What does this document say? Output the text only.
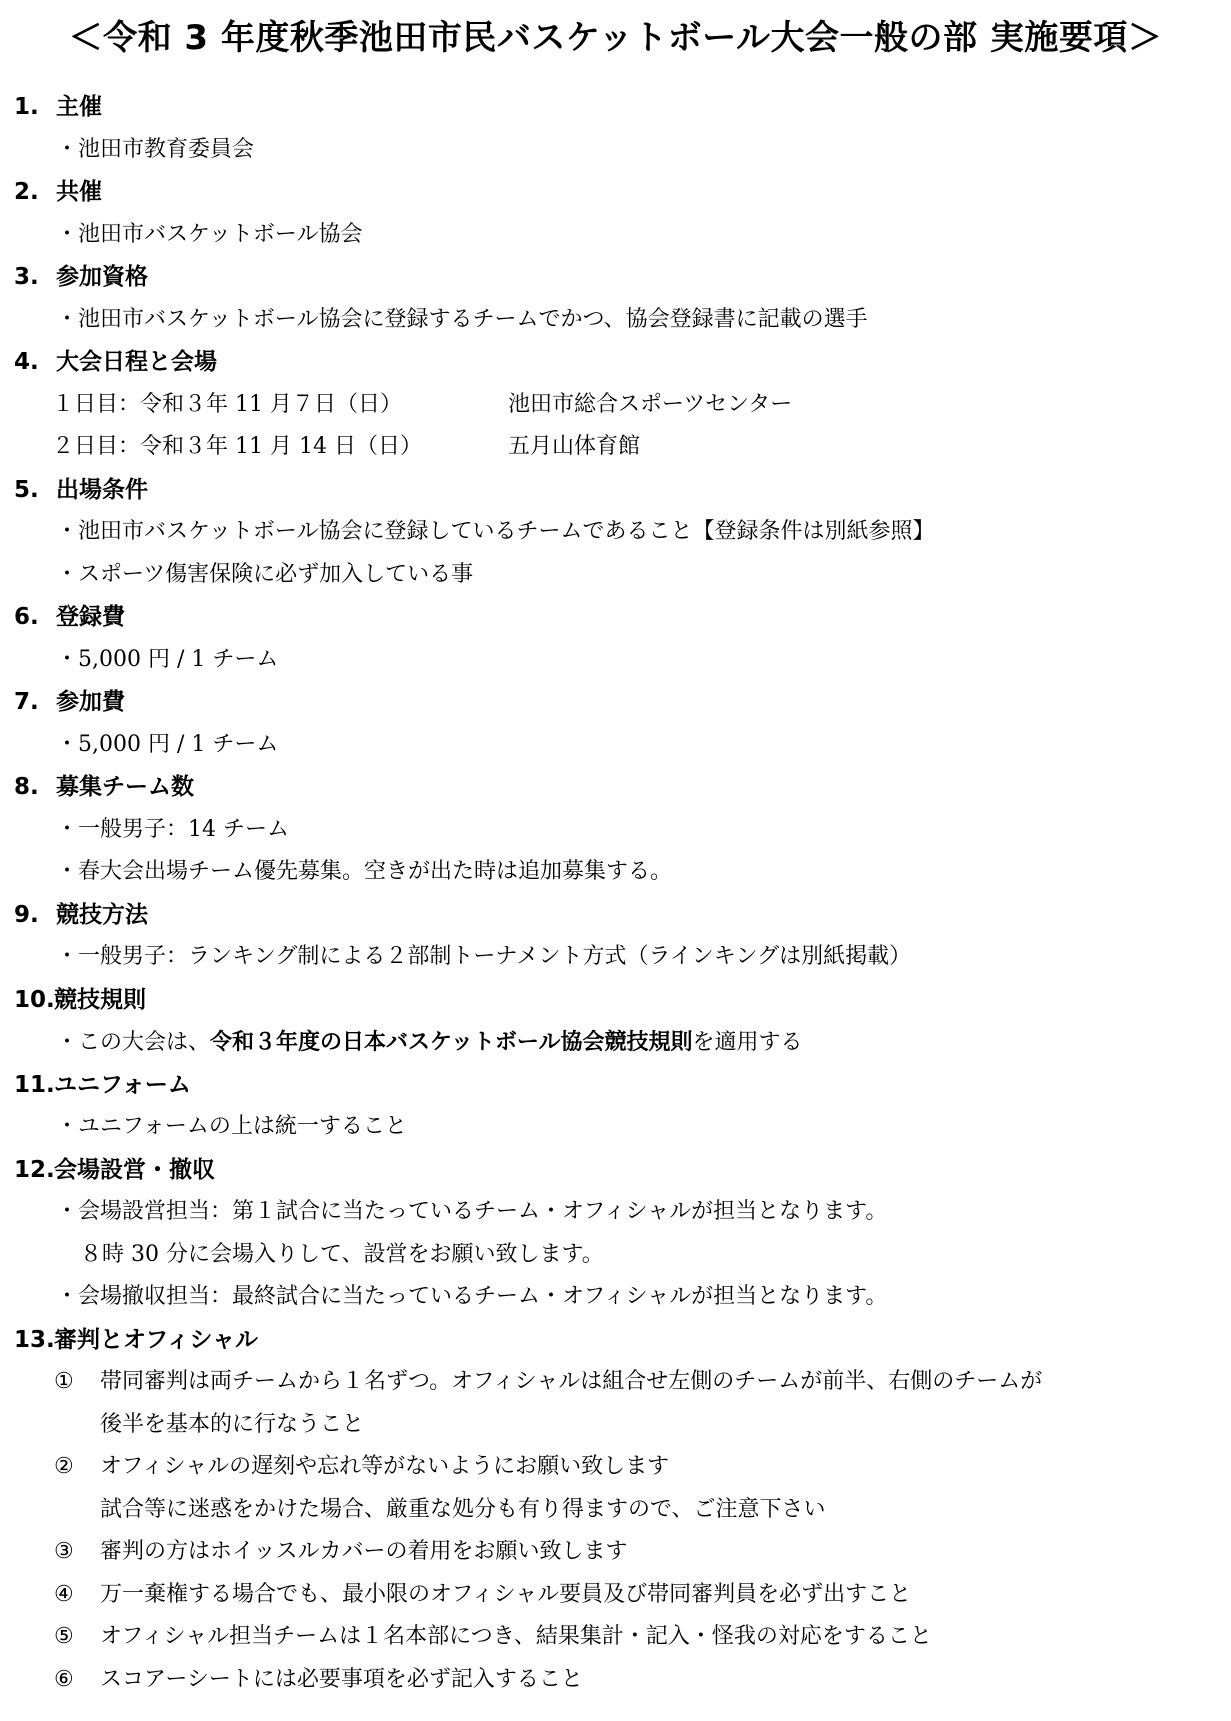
＜令和 3 年度秋季池田市民バスケットボール大会一般の部 実施要項＞
1. 主催
・池田市教育委員会
2. 共催
・池田市バスケットボール協会
3. 参加資格
・池田市バスケットボール協会に登録するチームでかつ、協会登録書に記載の選手
4. 大会日程と会場
１日目：令和３年 11 月７日（日）	池田市総合スポーツセンター
２日目：令和３年 11 月 14 日（日）	五月山体育館
5. 出場条件
・池田市バスケットボール協会に登録しているチームであること【登録条件は別紙参照】
・スポーツ傷害保険に必ず加入している事
6. 登録費
・5,000 円 / 1 チーム
7. 参加費
・5,000 円 / 1 チーム
8. 募集チーム数
・一般男子：14 チーム
・春大会出場チーム優先募集。空きが出た時は追加募集する。
9. 競技方法
・一般男子：ランキング制による２部制トーナメント方式（ラインキングは別紙掲載）
10.競技規則
・この大会は、令和３年度の日本バスケットボール協会競技規則を適用する
11.ユニフォーム
・ユニフォームの上は統一すること
12.会場設営・撤収
・会場設営担当：第１試合に当たっているチーム・オフィシャルが担当となります。
８時 30 分に会場入りして、設営をお願い致します。
・会場撤収担当：最終試合に当たっているチーム・オフィシャルが担当となります。
13.審判とオフィシャル
① 帯同審判は両チームから１名ずつ。オフィシャルは組合せ左側のチームが前半、右側のチームが
後半を基本的に行なうこと
② オフィシャルの遅刻や忘れ等がないようにお願い致します
試合等に迷惑をかけた場合、厳重な処分も有り得ますので、ご注意下さい
③ 審判の方はホイッスルカバーの着用をお願い致します
④ 万一棄権する場合でも、最小限のオフィシャル要員及び帯同審判員を必ず出すこと
⑤ オフィシャル担当チームは１名本部につき、結果集計・記入・怪我の対応をすること
⑥ スコアーシートには必要事項を必ず記入すること
